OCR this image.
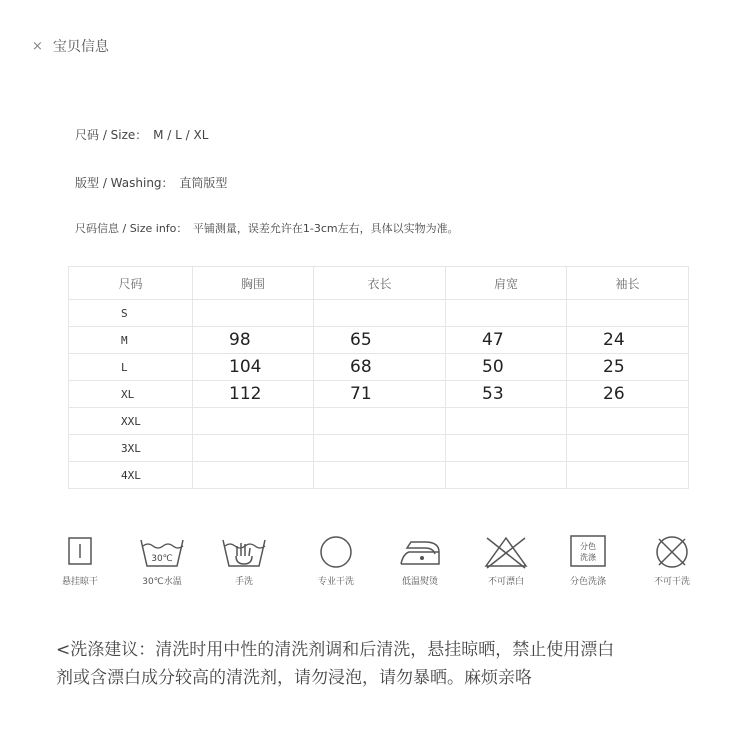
× 宝贝信息
尺码 / Size： M / L / XL
版型 / Washing： 直筒版型
尺码信息 / Size info： 平铺测量，误差允许在1-3cm左右，具体以实物为准。
尺码	胸围	衣长	肩宽	袖长
S				
M	98	65	47	24
L	104	68	50	25
XL	112	71	53	26
XXL				
3XL				
4XL				
悬挂晾干
30℃
30℃水温	手洗	专业干洗	低温熨烫	不可漂白
分色
洗涤
分色洗涤	不可干洗
<洗涤建议：清洗时用中性的清洗剂调和后清洗，悬挂晾晒，禁止使用漂白
剂或含漂白成分较高的清洗剂，请勿浸泡，请勿暴晒。麻烦亲咯
